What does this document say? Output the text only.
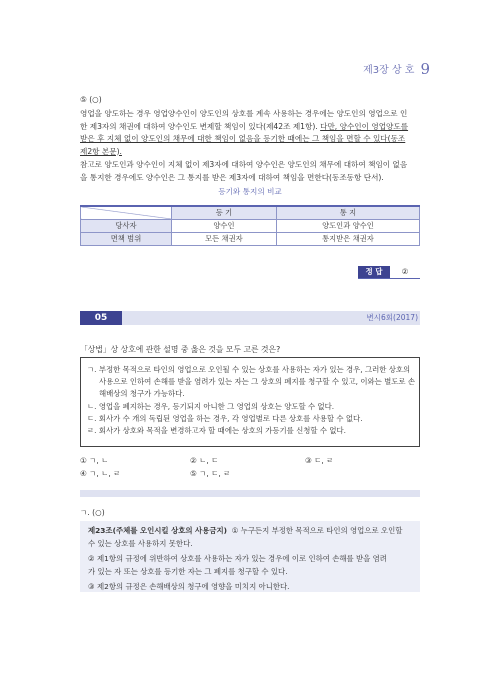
제3장 상 호 9
⑤ (○)
영업을 양도하는 경우 영업양수인이 양도인의 상호를 계속 사용하는 경우에는 양도인의 영업으로 인
한 제3자의 채권에 대하여 양수인도 변제할 책임이 있다(제42조 제1항). 다만, 양수인이 영업양도를
받은 후 지체 없이 양도인의 채무에 대한 책임이 없음을 등기한 때에는 그 책임을 면할 수 있다(동조
제2항 본문).
참고로 양도인과 양수인이 지체 없이 제3자에 대하여 양수인은 양도인의 채무에 대하여 책임이 없음
을 통지한 경우에도 양수인은 그 통지를 받은 제3자에 대하여 책임을 면한다(동조동항 단서).
등기와 통지의 비교
	등 기	통 지
당사자	양수인	양도인과 양수인
면책 범위	모든 채권자	통지받은 채권자
정 답	②
05	변시6회(2017)
「상법」상 상호에 관한 설명 중 옳은 것을 모두 고른 것은?
ㄱ. 부정한 목적으로 타인의 영업으로 오인될 수 있는 상호를 사용하는 자가 있는 경우, 그러한 상호의 사용으로 인하여 손해를 받을 염려가 있는 자는 그 상호의 폐지를 청구할 수 있고, 이와는 별도로 손해배상의 청구가 가능하다.
ㄴ. 영업을 폐지하는 경우, 등기되지 아니한 그 영업의 상호는 양도할 수 없다.
ㄷ. 회사가 수 개의 독립된 영업을 하는 경우, 각 영업별로 다른 상호를 사용할 수 없다.
ㄹ. 회사가 상호와 목적을 변경하고자 할 때에는 상호의 가등기를 신청할 수 없다.
① ㄱ, ㄴ	② ㄴ, ㄷ	③ ㄷ, ㄹ
④ ㄱ, ㄴ, ㄹ	⑤ ㄱ, ㄷ, ㄹ
ㄱ. (○)
제23조(주체를 오인시킬 상호의 사용금지) ① 누구든지 부정한 목적으로 타인의 영업으로 오인할
수 있는 상호를 사용하지 못한다.
② 제1항의 규정에 위반하여 상호를 사용하는 자가 있는 경우에 이로 인하여 손해를 받을 염려
가 있는 자 또는 상호를 등기한 자는 그 폐지를 청구할 수 있다.
③ 제2항의 규정은 손해배상의 청구에 영향을 미치지 아니한다.
